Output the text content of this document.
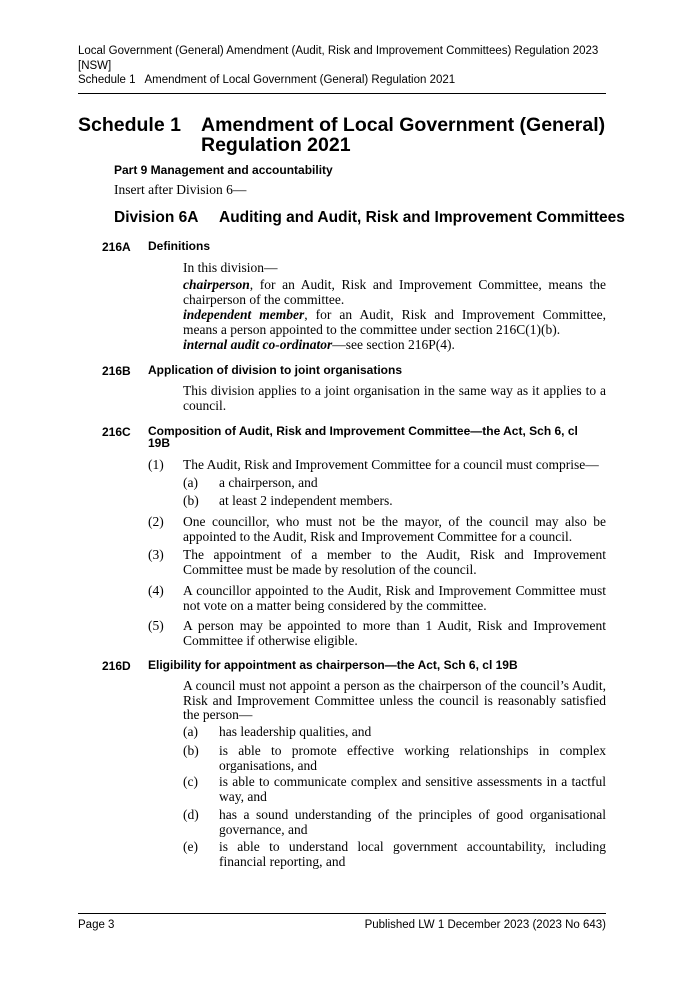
Local Government (General) Amendment (Audit, Risk and Improvement Committees) Regulation 2023
[NSW]
Schedule 1   Amendment of Local Government (General) Regulation 2021
Schedule 1 Amendment of Local Government (General) Regulation 2021
Part 9 Management and accountability
Insert after Division 6—
Division 6A Auditing and Audit, Risk and Improvement Committees
216A Definitions
In this division—
chairperson, for an Audit, Risk and Improvement Committee, means the chairperson of the committee.
independent member, for an Audit, Risk and Improvement Committee, means a person appointed to the committee under section 216C(1)(b).
internal audit co-ordinator—see section 216P(4).
216B Application of division to joint organisations
This division applies to a joint organisation in the same way as it applies to a council.
216C Composition of Audit, Risk and Improvement Committee—the Act, Sch 6, cl 19B
(1) The Audit, Risk and Improvement Committee for a council must comprise—
(a) a chairperson, and
(b) at least 2 independent members.
(2) One councillor, who must not be the mayor, of the council may also be appointed to the Audit, Risk and Improvement Committee for a council.
(3) The appointment of a member to the Audit, Risk and Improvement Committee must be made by resolution of the council.
(4) A councillor appointed to the Audit, Risk and Improvement Committee must not vote on a matter being considered by the committee.
(5) A person may be appointed to more than 1 Audit, Risk and Improvement Committee if otherwise eligible.
216D Eligibility for appointment as chairperson—the Act, Sch 6, cl 19B
A council must not appoint a person as the chairperson of the council’s Audit, Risk and Improvement Committee unless the council is reasonably satisfied the person—
(a) has leadership qualities, and
(b) is able to promote effective working relationships in complex organisations, and
(c) is able to communicate complex and sensitive assessments in a tactful way, and
(d) has a sound understanding of the principles of good organisational governance, and
(e) is able to understand local government accountability, including financial reporting, and
Page 3	Published LW 1 December 2023 (2023 No 643)
